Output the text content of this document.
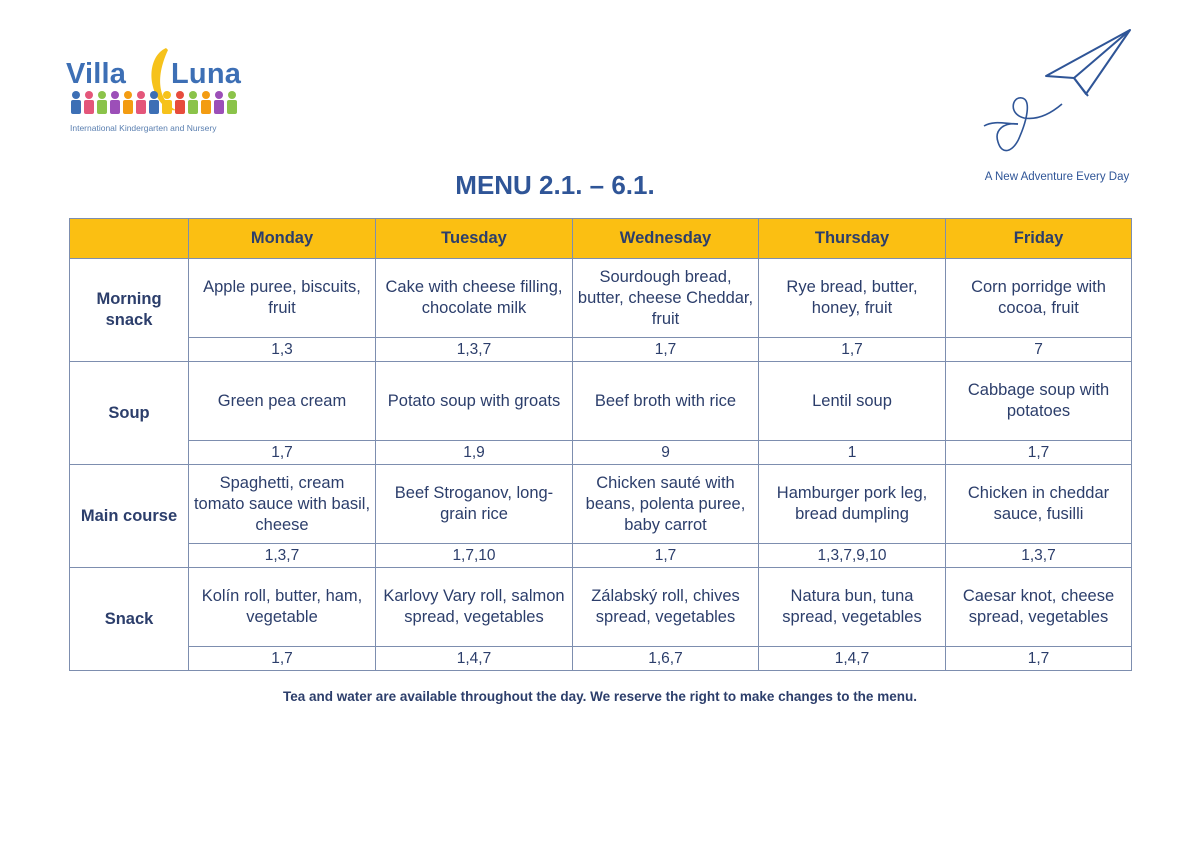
Villa Luna
International Kindergarten and Nursery
A New Adventure Every Day
MENU 2.1. – 6.1.
	Monday	Tuesday	Wednesday	Thursday	Friday
Morning snack	Apple puree, biscuits, fruit	Cake with cheese filling, chocolate milk	Sourdough bread, butter, cheese Cheddar, fruit	Rye bread, butter, honey, fruit	Corn porridge with cocoa, fruit
	1,3	1,3,7	1,7	1,7	7
Soup	Green pea cream	Potato soup with groats	Beef broth with rice	Lentil soup	Cabbage soup with potatoes
	1,7	1,9	9	1	1,7
Main course	Spaghetti, cream tomato sauce with basil, cheese	Beef Stroganov, long-grain rice	Chicken sauté with beans, polenta puree, baby carrot	Hamburger pork leg, bread dumpling	Chicken in cheddar sauce, fusilli
	1,3,7	1,7,10	1,7	1,3,7,9,10	1,3,7
Snack	Kolín roll, butter, ham, vegetable	Karlovy Vary roll, salmon spread, vegetables	Zálabský roll, chives spread, vegetables	Natura bun, tuna spread, vegetables	Caesar knot, cheese spread, vegetables
	1,7	1,4,7	1,6,7	1,4,7	1,7
Tea and water are available throughout the day. We reserve the right to make changes to the menu.
